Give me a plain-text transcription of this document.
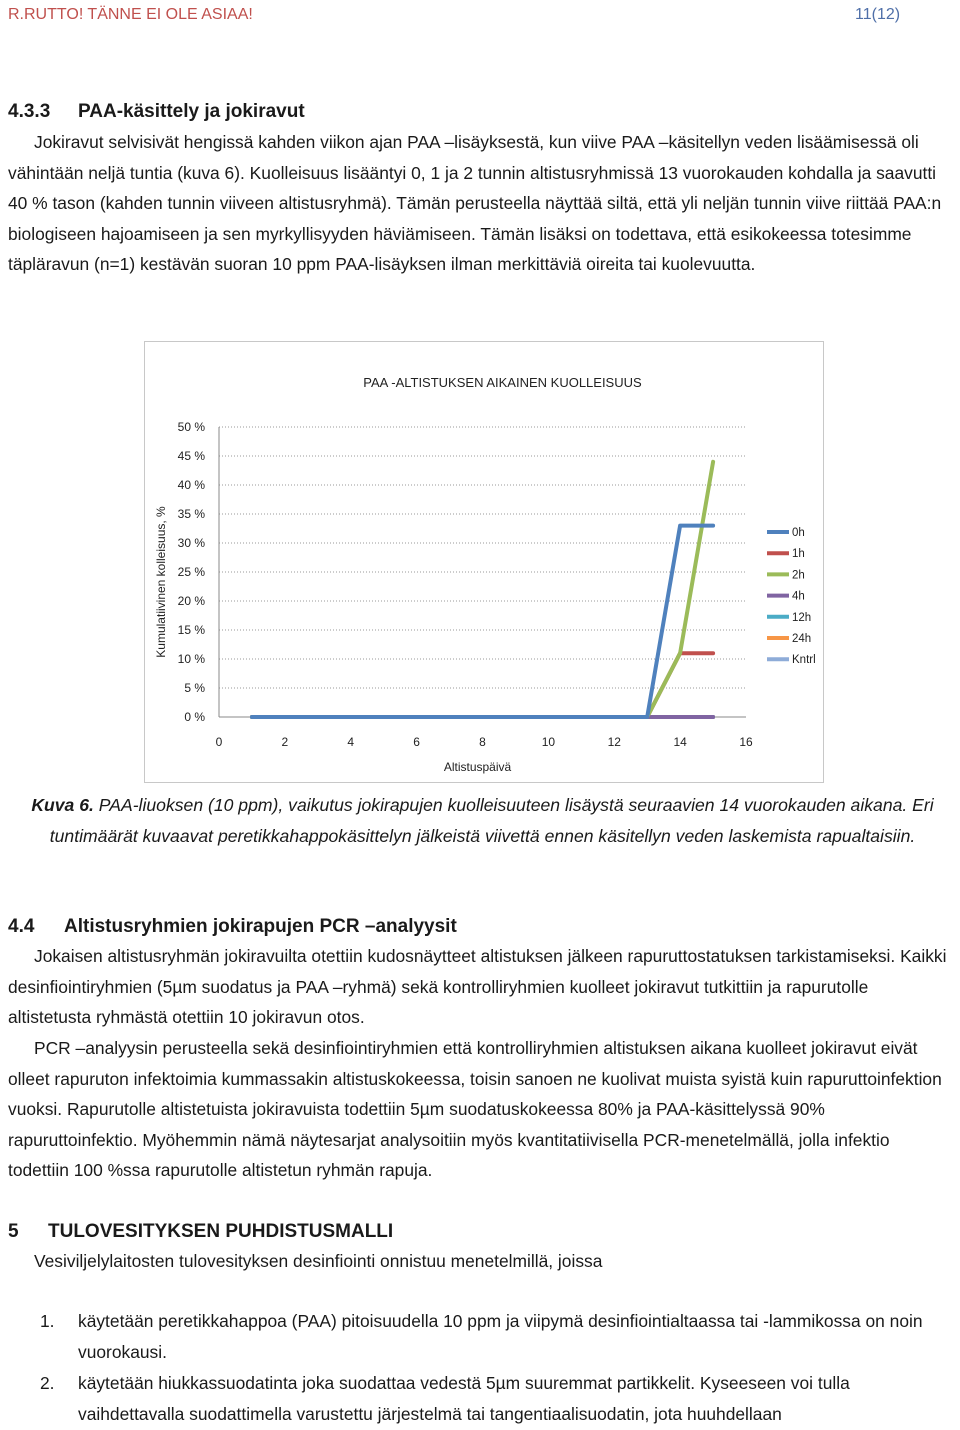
R.RUTTO! TÄNNE EI OLE ASIAA!	11(12)
4.3.3 PAA-käsittely ja jokiravut
Jokiravut selvisivät hengissä kahden viikon ajan PAA –lisäyksestä, kun viive PAA –käsitellyn veden lisäämisessä oli vähintään neljä tuntia (kuva 6). Kuolleisuus lisääntyi 0, 1 ja 2 tunnin altistusryhmissä 13 vuorokauden kohdalla ja saavutti 40 % tason (kahden tunnin viiveen altistusryhmä). Tämän perusteella näyttää siltä, että yli neljän tunnin viive riittää PAA:n biologiseen hajoamiseen ja sen myrkyllisyyden häviämiseen. Tämän lisäksi on todettava, että esikokeessa totesimme täpläravun (n=1) kestävän suoran 10 ppm PAA-lisäyksen ilman merkittäviä oireita tai kuolevuutta.
PAA -ALTISTUKSEN AIKAINEN KUOLLEISUUS
0 %
5 %
10 %
15 %
20 %
25 %
30 %
35 %
40 %
45 %
50 %
0	2	4	6	8	10	12	14	16
Altistuspäivä
Kumulatiivinen kolleisuus, %	0h
1h
2h
4h
12h
24h
Kntrl
Kuva 6. PAA-liuoksen (10 ppm), vaikutus jokirapujen kuolleisuuteen lisäystä seuraavien 14 vuorokauden aikana. Eri tuntimäärät kuvaavat peretikkahappokäsittelyn jälkeistä viivettä ennen käsitellyn veden laskemista rapualtaisiin.
4.4 Altistusryhmien jokirapujen PCR –analyysit
Jokaisen altistusryhmän jokiravuilta otettiin kudosnäytteet altistuksen jälkeen rapuruttostatuksen tarkistamiseksi. Kaikki desinfiointiryhmien (5µm suodatus ja PAA –ryhmä) sekä kontrolliryhmien kuolleet jokiravut tutkittiin ja rapurutolle altistetusta ryhmästä otettiin 10 jokiravun otos.
PCR –analyysin perusteella sekä desinfiointiryhmien että kontrolliryhmien altistuksen aikana kuolleet jokiravut eivät olleet rapuruton infektoimia kummassakin altistuskokeessa, toisin sanoen ne kuolivat muista syistä kuin rapuruttoinfektion vuoksi. Rapurutolle altistetuista jokiravuista todettiin 5µm suodatuskokeessa 80% ja PAA-käsittelyssä 90% rapuruttoinfektio. Myöhemmin nämä näytesarjat analysoitiin myös kvantitatiivisella PCR-menetelmällä, jolla infektio todettiin 100 %ssa rapurutolle altistetun ryhmän rapuja.
5 TULOVESITYKSEN PUHDISTUSMALLI
Vesiviljelylaitosten tulovesityksen desinfiointi onnistuu menetelmillä, joissa
1. käytetään peretikkahappoa (PAA) pitoisuudella 10 ppm ja viipymä desinfiointialtaassa tai -lammikossa on noin vuorokausi.
2. käytetään hiukkassuodatinta joka suodattaa vedestä 5µm suuremmat partikkelit. Kyseeseen voi tulla vaihdettavalla suodattimella varustettu järjestelmä tai tangentiaalisuodatin, jota huuhdellaan
